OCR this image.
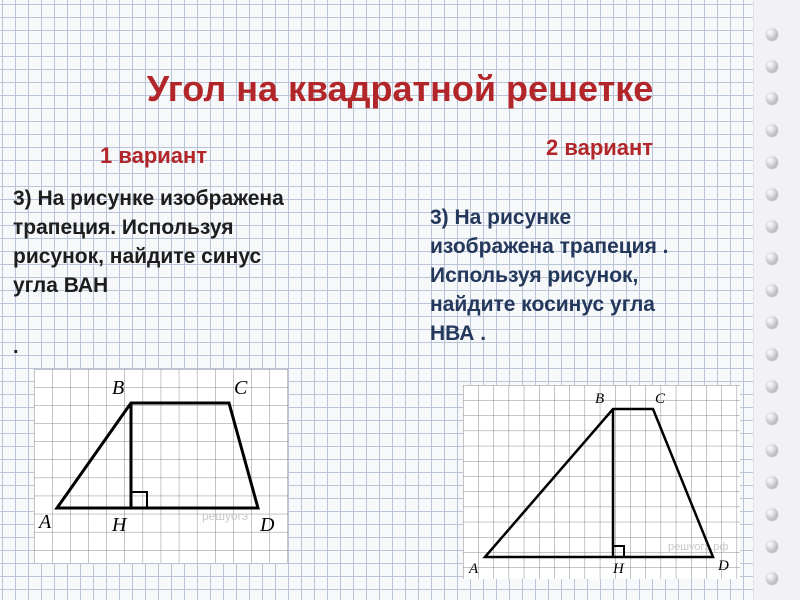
Угол на квадратной решетке
1 вариант	2 вариант
3) На рисунке изображена
трапеция. Используя
рисунок, найдите синус
угла ВАН
.
3) На рисунке
изображена трапеция .
Используя рисунок,
найдите косинус угла
НВА .
решуогэ
A
B	C
D
H
решуогэ.рф
A
B	C
D
H
